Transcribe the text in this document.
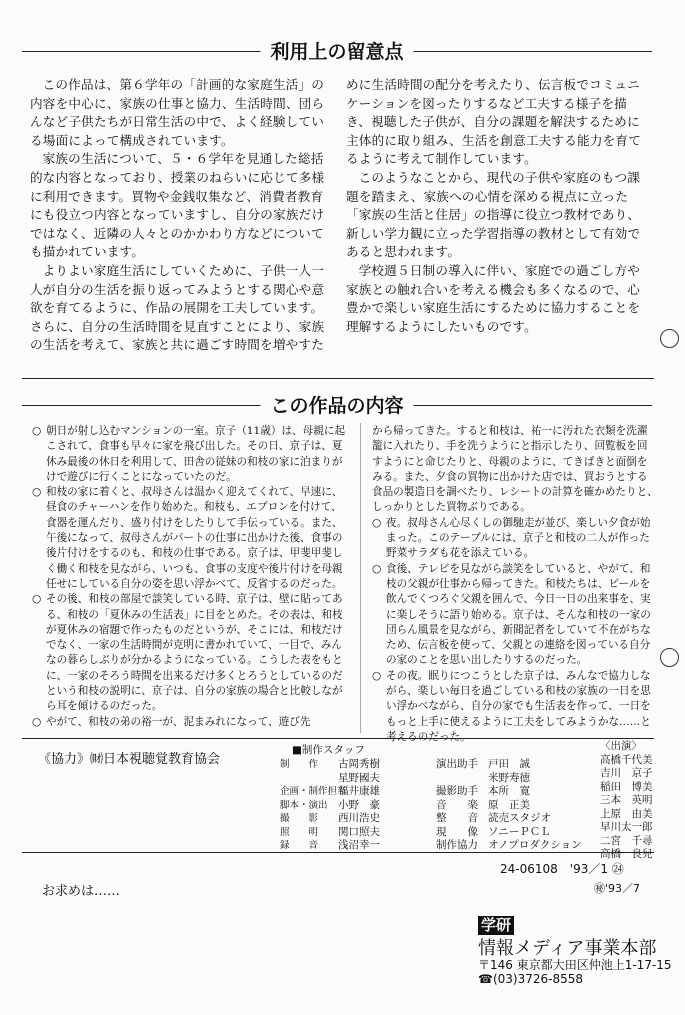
利用上の留意点

この作品は、第６学年の「計画的な家庭生活」の内容を中心に、家族の仕事と協力、生活時間、団らんなど子供たちが日常生活の中で、よく経験している場面によって構成されています。

家族の生活について、５・６学年を見通した総括的な内容となっており、授業のねらいに応じて多様に利用できます。買物や金銭収集など、消費者教育にも役立つ内容となっていますし、自分の家族だけではなく、近隣の人々とのかかわり方などについても描かれています。

よりよい家庭生活にしていくために、子供一人一人が自分の生活を振り返ってみようとする関心や意欲を育てるように、作品の展開を工夫しています。さらに、自分の生活時間を見直すことにより、家族の生活を考えて、家族と共に過ごす時間を増やすた

めに生活時間の配分を考えたり、伝言板でコミュニケーションを図ったりするなど工夫する様子を描き、視聴した子供が、自分の課題を解決するために主体的に取り組み、生活を創意工夫する能力を育てるように考えて制作しています。

このようなことから、現代の子供や家庭のもつ課題を踏まえ、家族への心情を深める視点に立った「家族の生活と住居」の指導に役立つ教材であり、新しい学力観に立った学習指導の教材として有効であると思われます。

学校週５日制の導入に伴い、家庭での過ごし方や家族との触れ合いを考える機会も多くなるので、心豊かで楽しい家庭生活にするために協力することを理解するようにしたいものです。

この作品の内容
○ 朝日が射し込むマンションの一室。京子（11歳）は、母親に起こされて、食事も早々に家を飛び出した。その日、京子は、夏休み最後の休日を利用して、田舎の従妹の和枝の家に泊まりがけで遊びに行くことになっていたのだ。
○ 和枝の家に着くと、叔母さんは温かく迎えてくれて、早速に、昼食のチャーハンを作り始めた。和枝も、エプロンを付けて、食器を運んだり、盛り付けをしたりして手伝っている。また、午後になって、叔母さんがパートの仕事に出かけた後、食事の後片付けをするのも、和枝の仕事である。京子は、甲斐甲斐しく働く和枝を見ながら、いつも、食事の支度や後片付けを母親任せにしている自分の姿を思い浮かべて、反省するのだった。
○ その後、和枝の部屋で談笑している時、京子は、壁に貼ってある、和枝の「夏休みの生活表」に目をとめた。その表は、和枝が夏休みの宿題で作ったものだというが、そこには、和枝だけでなく、一家の生活時間が克明に書かれていて、一目で、みんなの暮らしぶりが分かるようになっている。こうした表をもとに、一家のそろう時間を出来るだけ多くとろうとしているのだという和枝の説明に、京子は、自分の家族の場合と比較しながら耳を傾けるのだった。
○ やがて、和枝の弟の裕一が、泥まみれになって、遊び先

から帰ってきた。すると和枝は、祐一に汚れた衣類を洗濯籠に入れたり、手を洗うようにと指示したり、回覧板を回すようにと命じたりと、母親のように、てきぱきと面倒をみる。また、夕食の買物に出かけた店では、買おうとする食品の製造日を調べたり、レシートの計算を確かめたりと、しっかりとした買物ぶりである。

○ 夜。叔母さん心尽くしの御馳走が並び、楽しい夕食が始まった。このテーブルには、京子と和枝の二人が作った野菜サラダも花を添えている。
○ 食後、テレビを見ながら談笑をしていると、やがて、和枝の父親が仕事から帰ってきた。和枝たちは、ビールを飲んでくつろぐ父親を囲んで、今日一日の出来事を、実に楽しそうに語り始める。京子は、そんな和枝の一家の団らん風景を見ながら、新聞記者をしていて不在がちなため、伝言板を使って、父親との連絡を図っている自分の家のことを思い出したりするのだった。
○ その夜。眠りにつこうとした京子は、みんなで協力しながら、楽しい毎日を過ごしている和枝の家族の一日を思い浮かべながら、自分の家でも生活表を作って、一日をもっと上手に使えるように工夫をしてみようかな……と考えるのだった。
《協力》㈶日本視聴覚教育協会
■制作スタッフ
制　　作 古岡秀樹
星野國夫
企画・制作担当福井康雄
脚本・演出 小野　豪
撮　　影 西川浩史
照　　明 関口照夫
録　　音 浅沼幸一
演出助手 戸田　誠
米野寿徳
撮影助手 本所　寛
音　　楽 原　正美
整　　音 読売スタジオ
現　　像 ソニーＰＣＬ
制作協力 オノプロダクション
〈出演〉
高橋千代美
吉川　京子
稲田　博美
三本　英明
上原　由美
早川太一郎
二宮　千尋
高橋　良兒
24-06108　'93／1 ㉔
お求めは……	㊙'93／7
学研
情報メディア事業本部
〒146 東京都大田区仲池上1-17-15
☎(03)3726-8558
